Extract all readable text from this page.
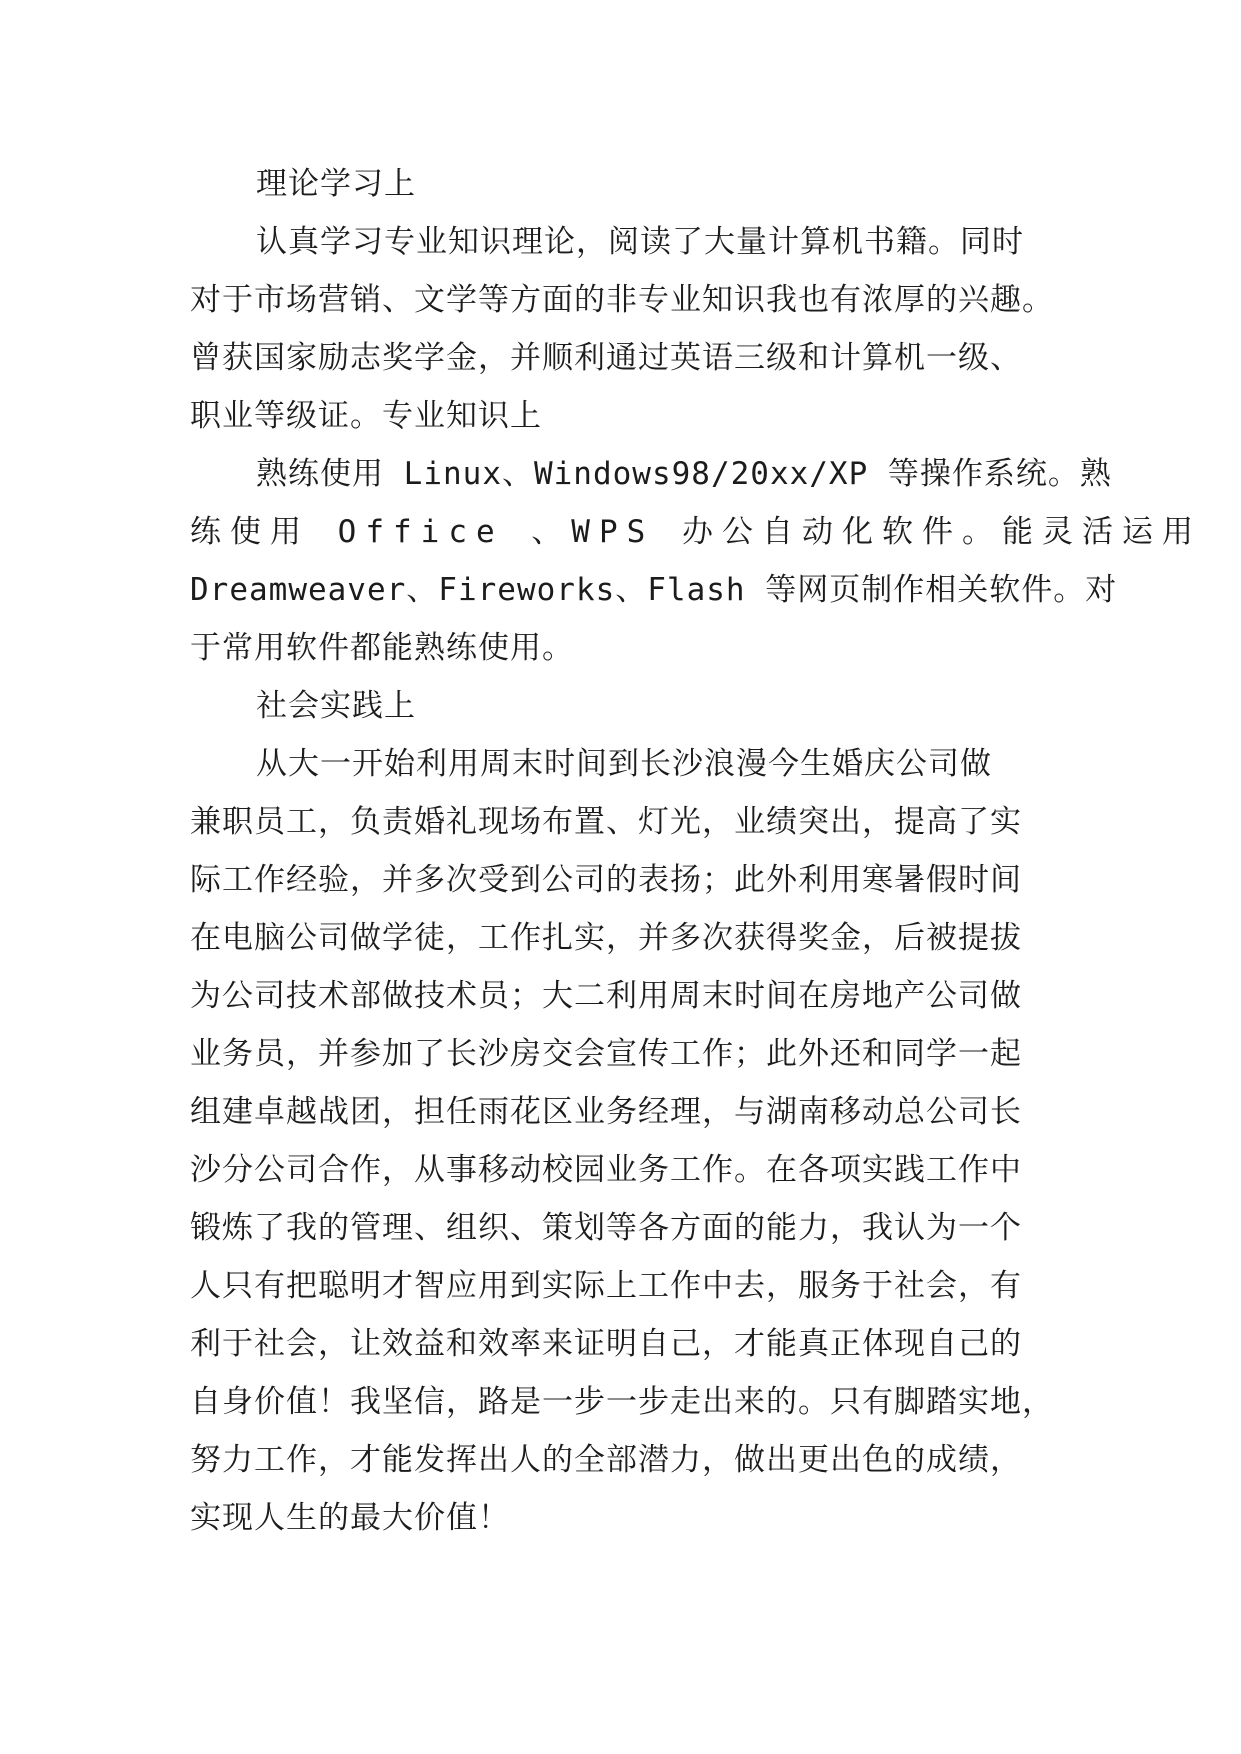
理论学习上
认真学习专业知识理论，阅读了大量计算机书籍。同时
对于市场营销、文学等方面的非专业知识我也有浓厚的兴趣。
曾获国家励志奖学金，并顺利通过英语三级和计算机一级、
职业等级证。专业知识上
熟练使用 Linux、Windows98/20xx/XP 等操作系统。熟
练使用 Office 、WPS 办公自动化软件。能灵活运用
Dreamweaver、Fireworks、Flash 等网页制作相关软件。对
于常用软件都能熟练使用。
社会实践上
从大一开始利用周末时间到长沙浪漫今生婚庆公司做
兼职员工，负责婚礼现场布置、灯光，业绩突出，提高了实
际工作经验，并多次受到公司的表扬；此外利用寒暑假时间
在电脑公司做学徒，工作扎实，并多次获得奖金，后被提拔
为公司技术部做技术员；大二利用周末时间在房地产公司做
业务员，并参加了长沙房交会宣传工作；此外还和同学一起
组建卓越战团，担任雨花区业务经理，与湖南移动总公司长
沙分公司合作，从事移动校园业务工作。在各项实践工作中
锻炼了我的管理、组织、策划等各方面的能力，我认为一个
人只有把聪明才智应用到实际上工作中去，服务于社会，有
利于社会，让效益和效率来证明自己，才能真正体现自己的
自身价值！我坚信，路是一步一步走出来的。只有脚踏实地，
努力工作，才能发挥出人的全部潜力，做出更出色的成绩，
实现人生的最大价值！
